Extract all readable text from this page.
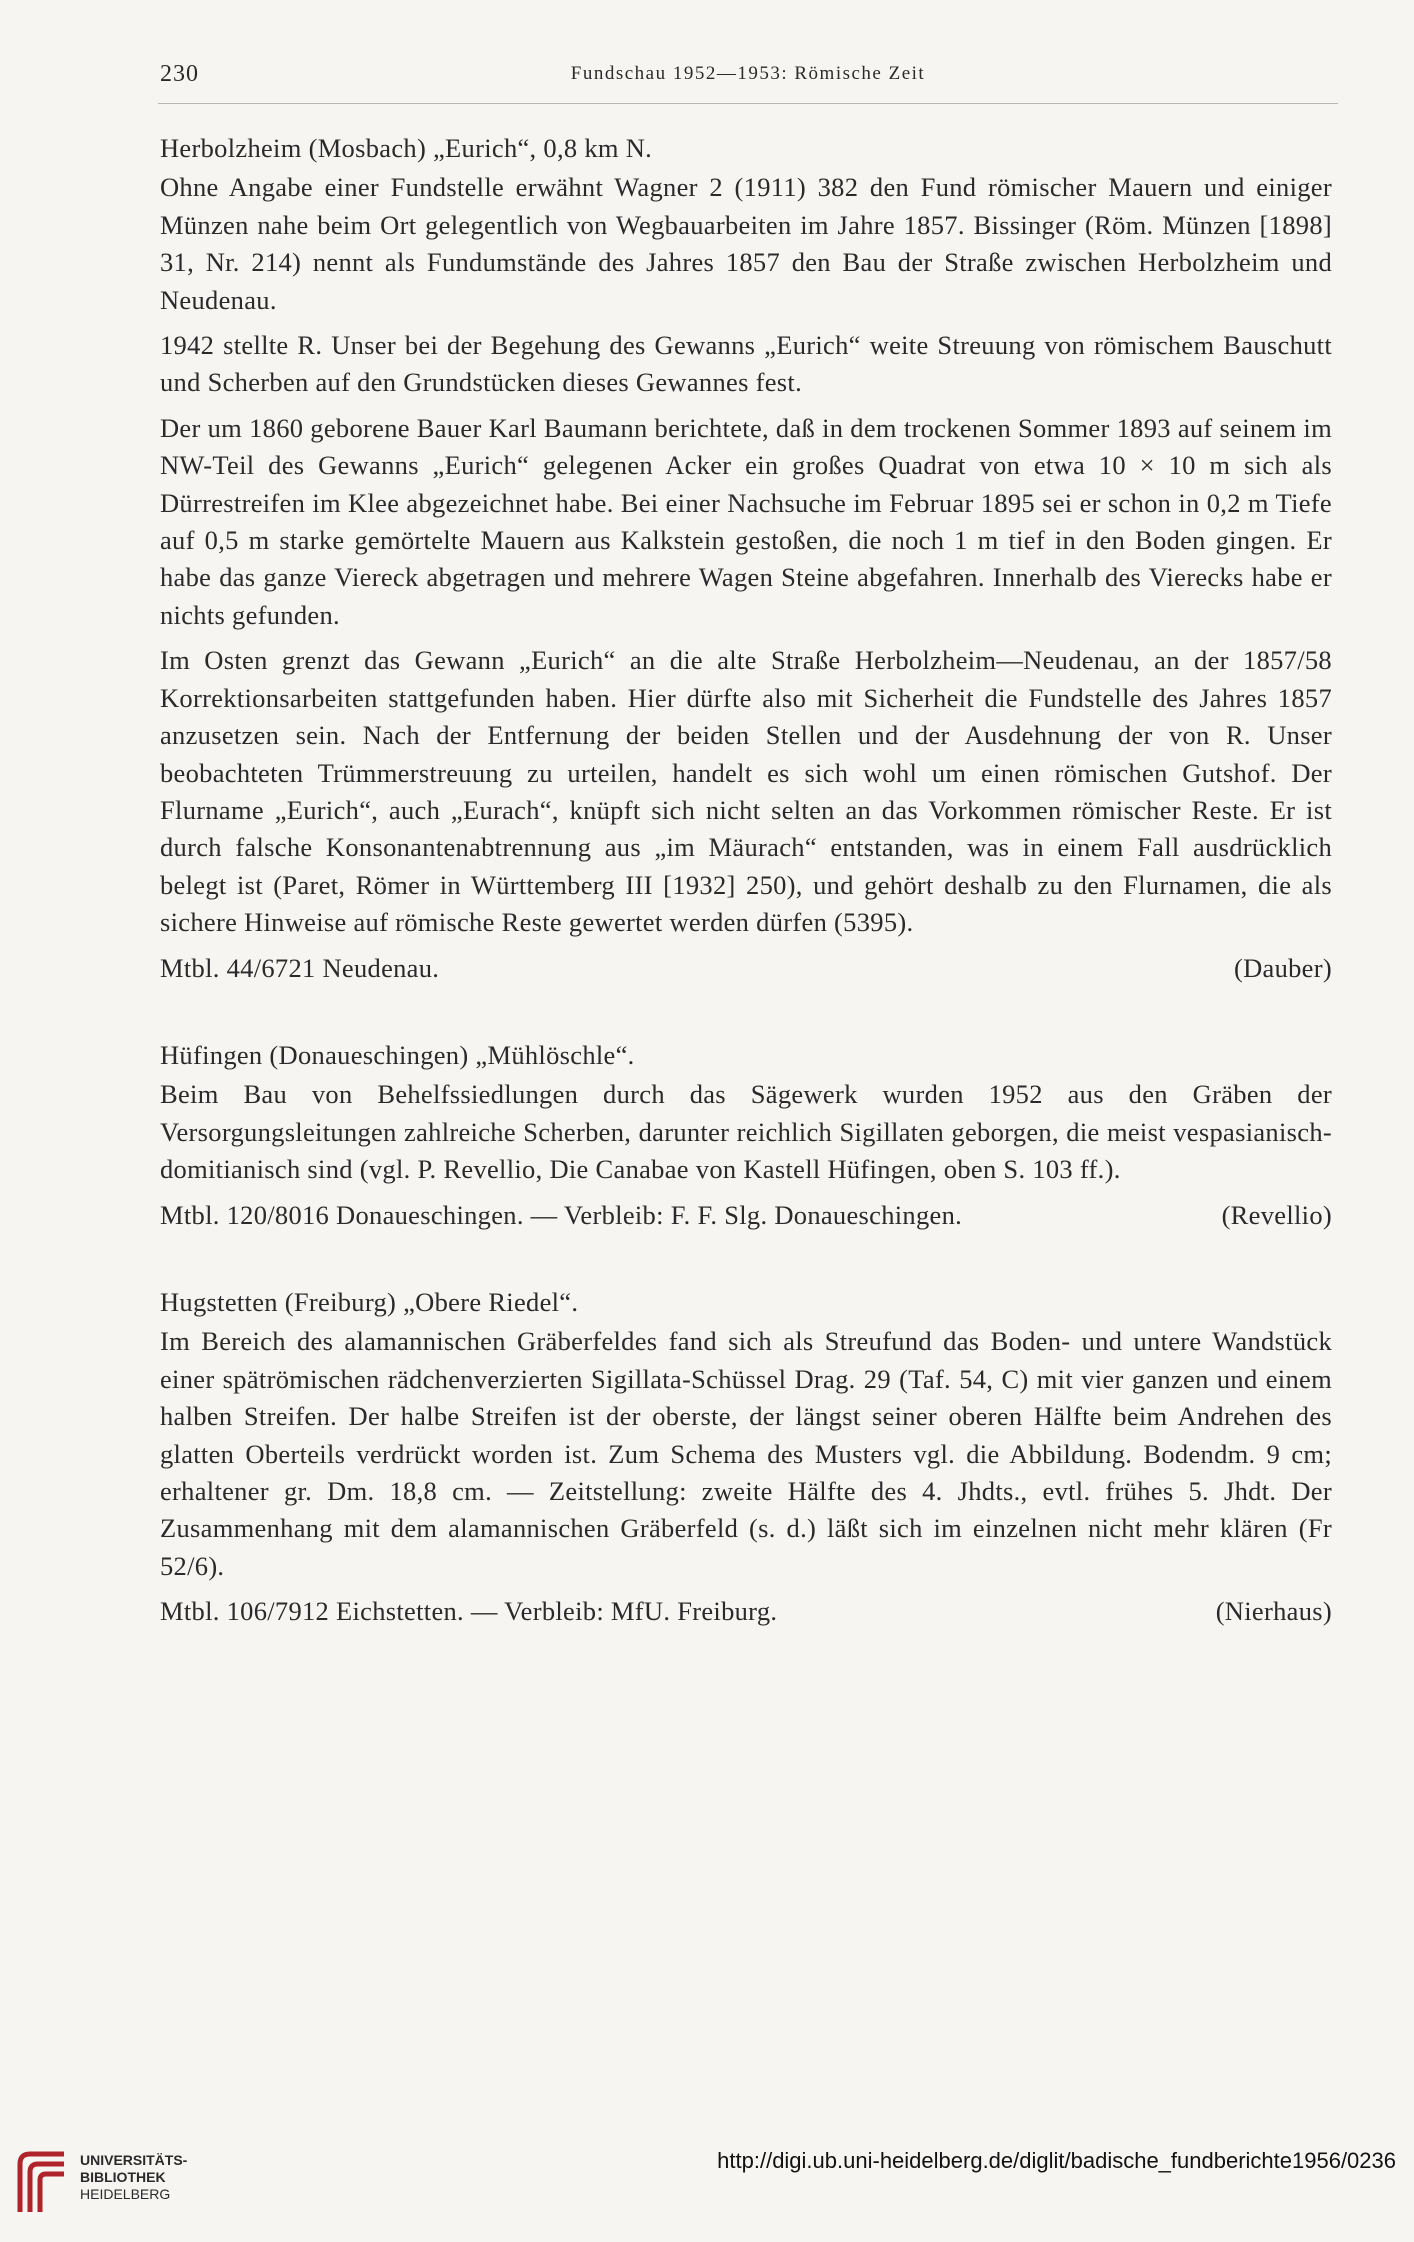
230	Fundschau 1952—1953: Römische Zeit

Herbolzheim (Mosbach) „Eurich“, 0,8 km N.

Ohne Angabe einer Fundstelle erwähnt Wagner 2 (1911) 382 den Fund römischer Mauern und einiger Münzen nahe beim Ort gelegentlich von Wegbauarbeiten im Jahre 1857. Bissinger (Röm. Münzen [1898] 31, Nr. 214) nennt als Fundumstände des Jahres 1857 den Bau der Straße zwischen Herbolzheim und Neudenau.

1942 stellte R. Unser bei der Begehung des Gewanns „Eurich“ weite Streuung von römischem Bauschutt und Scherben auf den Grundstücken dieses Gewannes fest.

Der um 1860 geborene Bauer Karl Baumann berichtete, daß in dem trockenen Sommer 1893 auf seinem im NW-Teil des Gewanns „Eurich“ gelegenen Acker ein großes Quadrat von etwa 10 × 10 m sich als Dürrestreifen im Klee abgezeichnet habe. Bei einer Nachsuche im Februar 1895 sei er schon in 0,2 m Tiefe auf 0,5 m starke gemörtelte Mauern aus Kalkstein gestoßen, die noch 1 m tief in den Boden gingen. Er habe das ganze Viereck abgetragen und mehrere Wagen Steine abgefahren. Innerhalb des Vierecks habe er nichts gefunden.

Im Osten grenzt das Gewann „Eurich“ an die alte Straße Herbolzheim—Neudenau, an der 1857/58 Korrektionsarbeiten stattgefunden haben. Hier dürfte also mit Sicherheit die Fundstelle des Jahres 1857 anzusetzen sein. Nach der Entfernung der beiden Stellen und der Ausdehnung der von R. Unser beobachteten Trümmerstreuung zu urteilen, handelt es sich wohl um einen römischen Gutshof. Der Flurname „Eurich“, auch „Eurach“, knüpft sich nicht selten an das Vorkommen römischer Reste. Er ist durch falsche Konsonantenabtrennung aus „im Mäurach“ entstanden, was in einem Fall ausdrücklich belegt ist (Paret, Römer in Württemberg III [1932] 250), und gehört deshalb zu den Flurnamen, die als sichere Hinweise auf römische Reste gewertet werden dürfen (5395).

Mtbl. 44/6721 Neudenau.	(Dauber)

Hüfingen (Donaueschingen) „Mühlöschle“.

Beim Bau von Behelfssiedlungen durch das Sägewerk wurden 1952 aus den Gräben der Versorgungsleitungen zahlreiche Scherben, darunter reichlich Sigillaten geborgen, die meist vespasianisch-domitianisch sind (vgl. P. Revellio, Die Canabae von Kastell Hüfingen, oben S. 103 ff.).

Mtbl. 120/8016 Donaueschingen. — Verbleib: F. F. Slg. Donaueschingen.	(Revellio)

Hugstetten (Freiburg) „Obere Riedel“.

Im Bereich des alamannischen Gräberfeldes fand sich als Streufund das Boden- und untere Wandstück einer spätrömischen rädchenverzierten Sigillata-Schüssel Drag. 29 (Taf. 54, C) mit vier ganzen und einem halben Streifen. Der halbe Streifen ist der oberste, der längst seiner oberen Hälfte beim Andrehen des glatten Oberteils verdrückt worden ist. Zum Schema des Musters vgl. die Abbildung. Bodendm. 9 cm; erhaltener gr. Dm. 18,8 cm. — Zeitstellung: zweite Hälfte des 4. Jhdts., evtl. frühes 5. Jhdt. Der Zusammenhang mit dem alamannischen Gräberfeld (s. d.) läßt sich im einzelnen nicht mehr klären (Fr 52/6).

Mtbl. 106/7912 Eichstetten. — Verbleib: MfU. Freiburg.	(Nierhaus)

UNIVERSITÄTS-
BIBLIOTHEK
HEIDELBERG
http://digi.ub.uni-heidelberg.de/diglit/badische_fundberichte1956/0236
